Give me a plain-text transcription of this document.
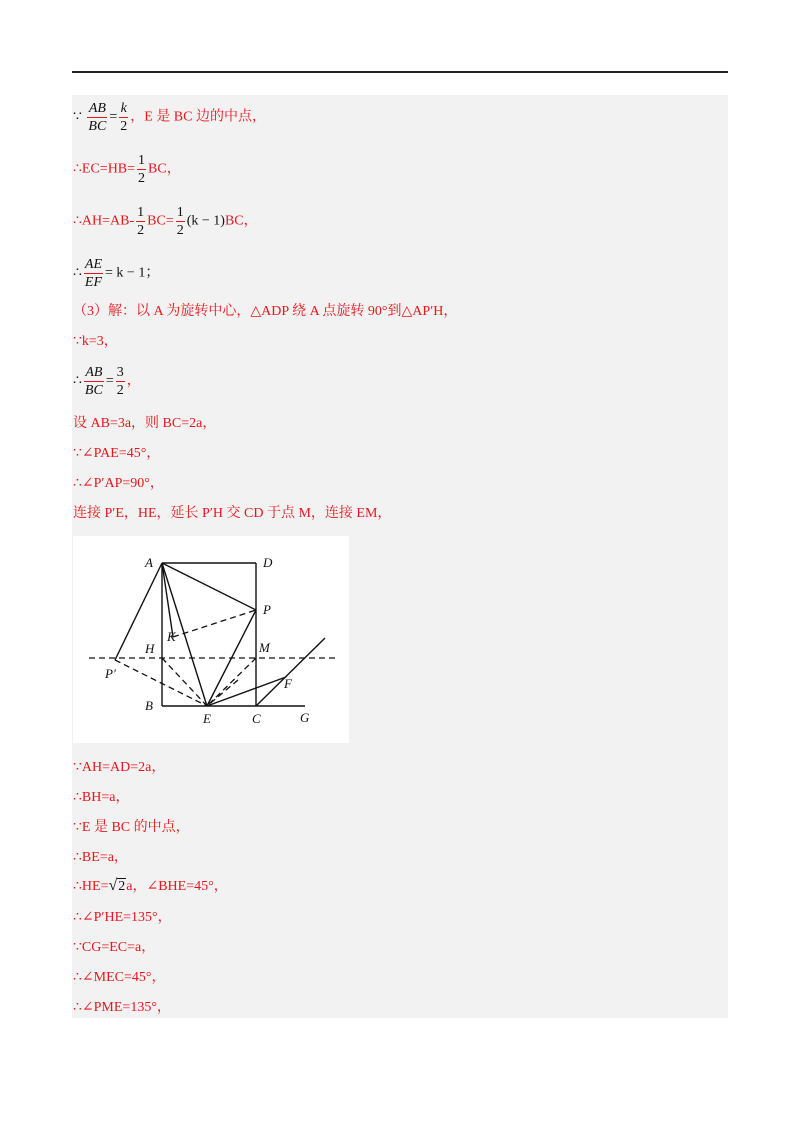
∵ $\frac{AB}{BC} = \frac{k}{2}$ ，E 是 BC 边的中点，
∴EC=HB= $\frac{1}{2}$ BC，
∴AH=AB- $\frac{1}{2} BC= \frac{1}{2} (k - 1)BC$，
∴ $\frac{AE}{EF} = k - 1$；
（3）解：以 A 为旋转中心，△ADP 绕 A 点旋转 90°到△AP′H，
∵k=3，
∴ $\frac{AB}{BC} = \frac{3}{2}$ ，
设 AB=3a，则 BC=2a，
∵∠PAE=45°，
∴∠P′AP=90°，
连接 P′E，HE，延长 P′H 交 CD 于点 M，连接 EM，
A	D
P
K
H	M
P′
F
B
E	C	G
∵AH=AD=2a，
∴BH=a，
∵E 是 BC 的中点，
∴BE=a，
∴HE=√2a，∠BHE=45°，
∴∠P′HE=135°，
∵CG=EC=a，
∴∠MEC=45°，
∴∠PME=135°，
